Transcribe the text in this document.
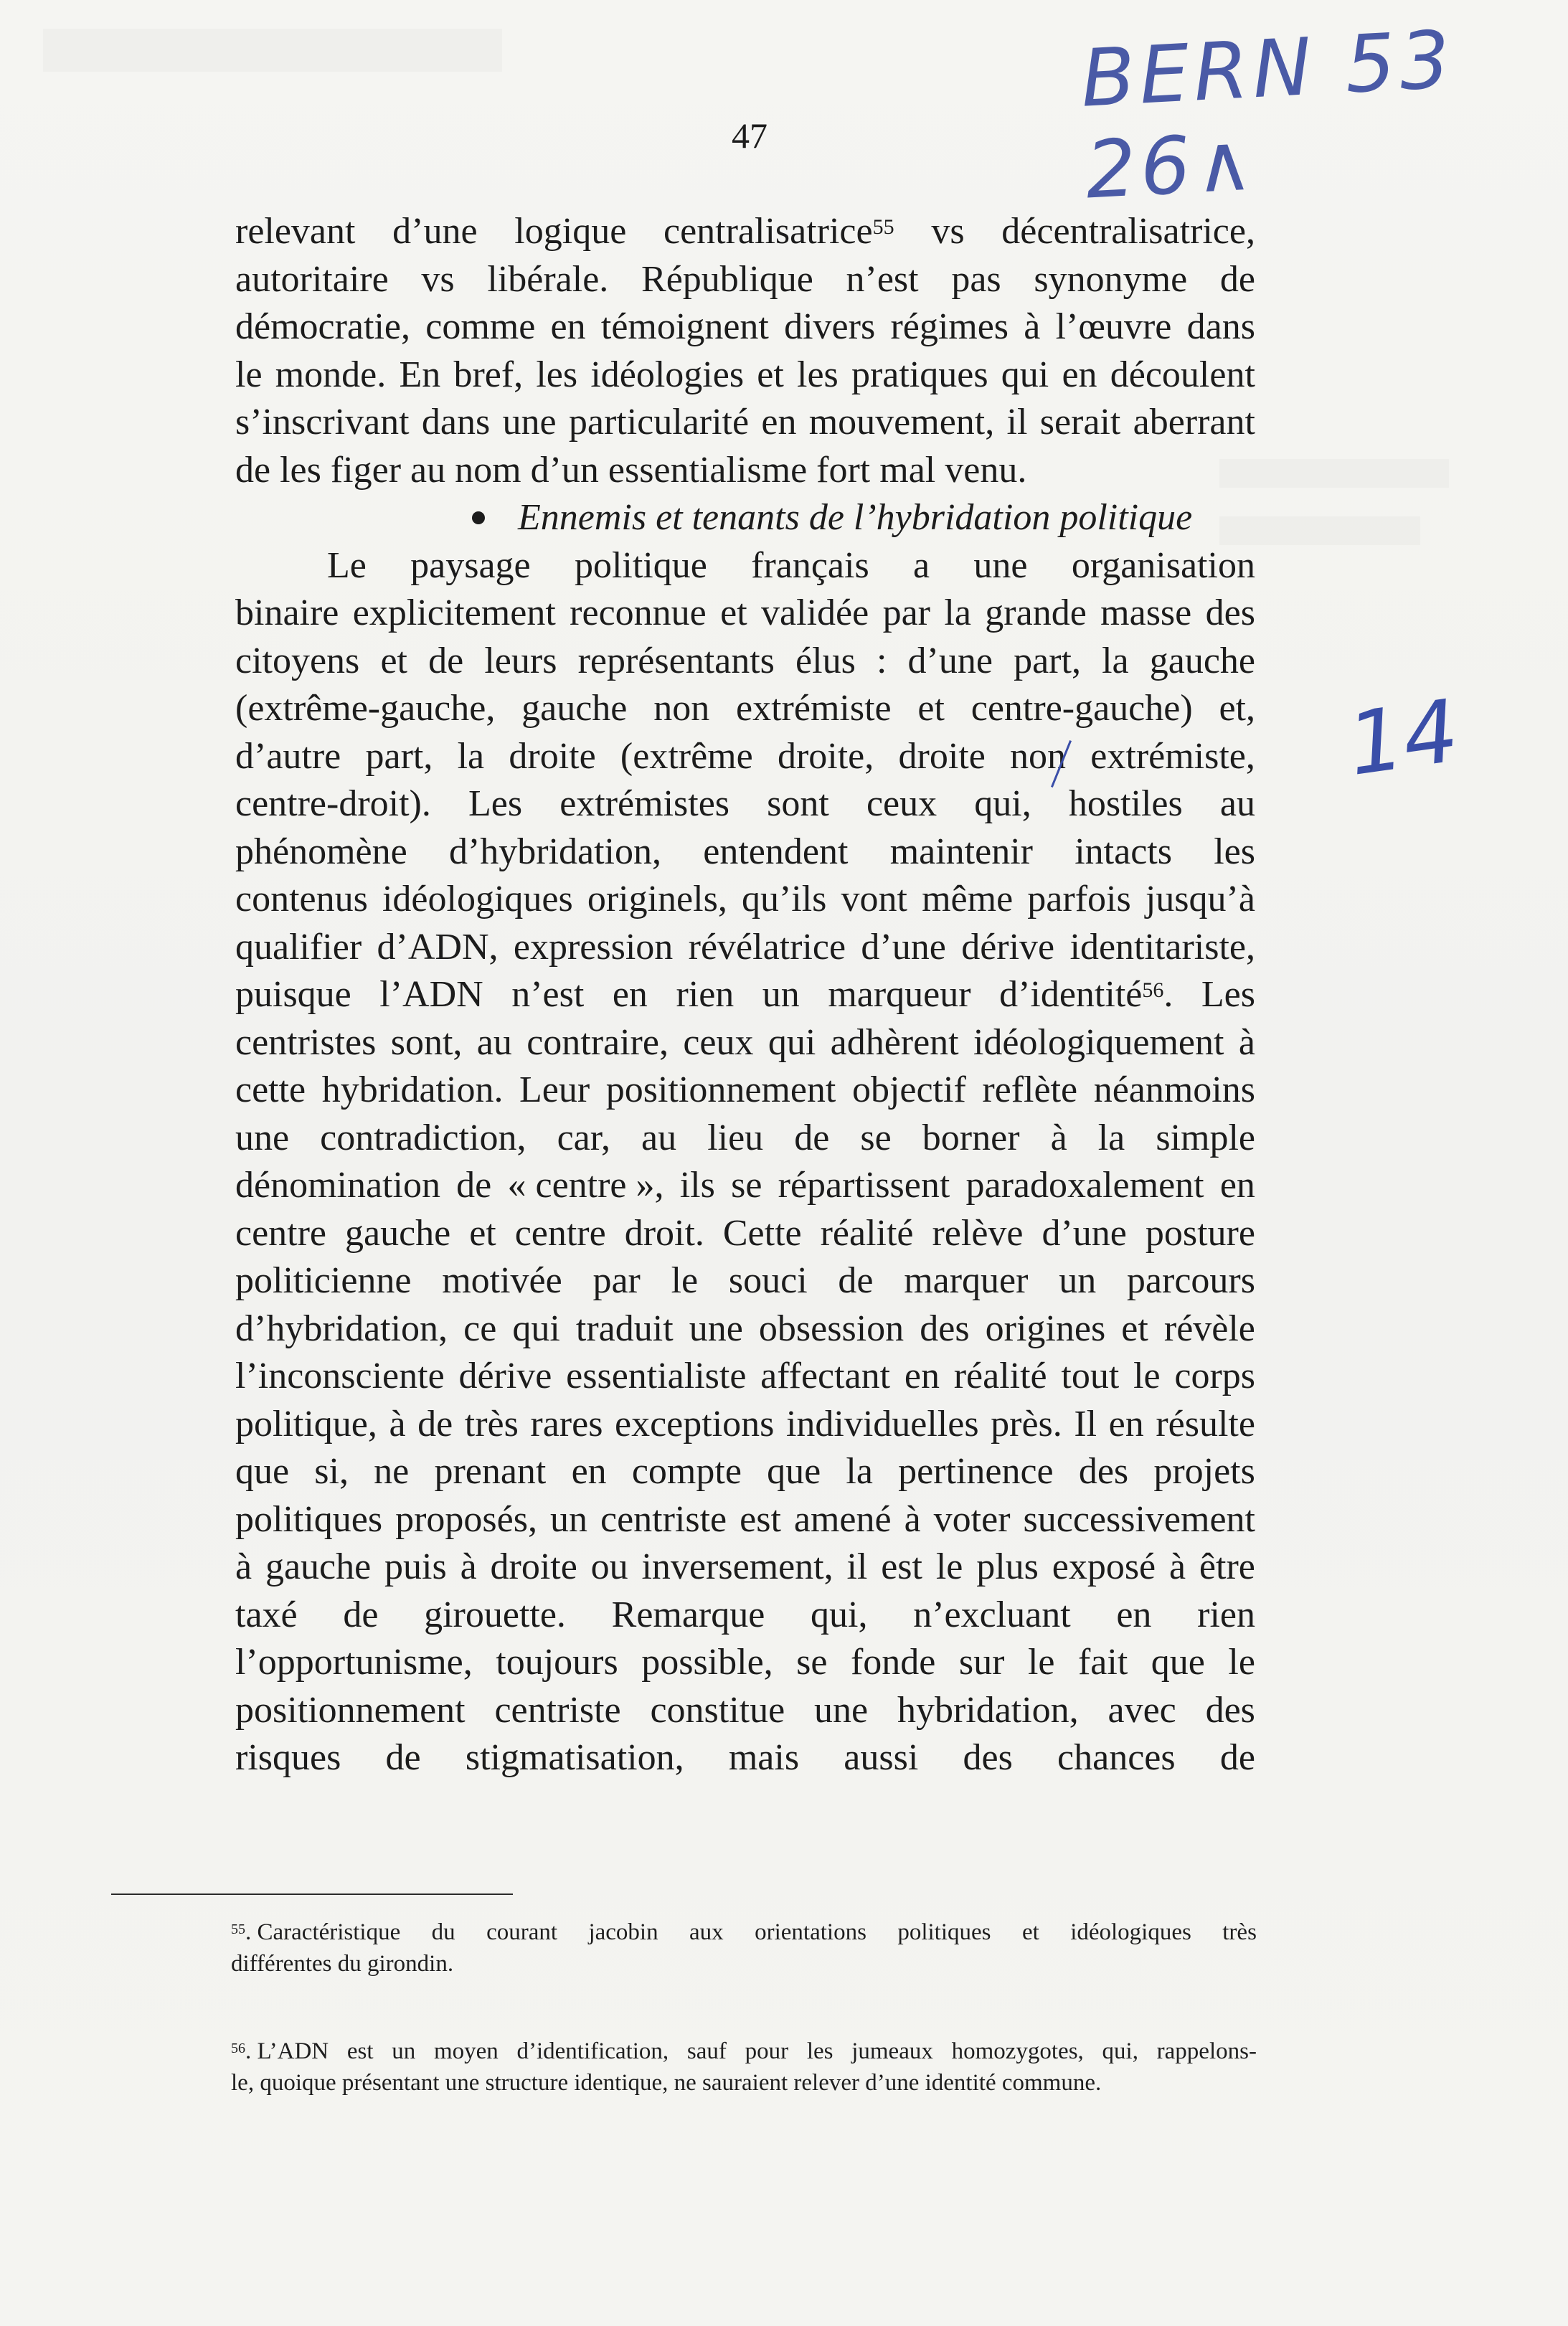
BERN 53 26∧
14
47
relevant d’une logique centralisatrice$^{55}$ vs décentralisatrice,
autoritaire vs libérale. République n’est pas synonyme de
démocratie, comme en témoignent divers régimes à l’œuvre dans
le monde. En bref, les idéologies et les pratiques qui en découlent
s’inscrivant dans une particularité en mouvement, il serait aberrant
de les figer au nom d’un essentialisme fort mal venu.
Ennemis et tenants de l’hybridation politique
Le paysage politique français a une organisation
binaire explicitement reconnue et validée par la grande masse des
citoyens et de leurs représentants élus : d’une part, la gauche
(extrême-gauche, gauche non extrémiste et centre-gauche) et,
d’autre part, la droite (extrême droite, droite non extrémiste,
centre-droit). Les extrémistes sont ceux qui, hostiles au
phénomène d’hybridation, entendent maintenir intacts les
contenus idéologiques originels, qu’ils vont même parfois jusqu’à
qualifier d’ADN, expression révélatrice d’une dérive identitariste,
puisque l’ADN n’est en rien un marqueur d’identité$^{56}$. Les
centristes sont, au contraire, ceux qui adhèrent idéologiquement à
cette hybridation. Leur positionnement objectif reflète néanmoins
une contradiction, car, au lieu de se borner à la simple
dénomination de « centre », ils se répartissent paradoxalement en
centre gauche et centre droit. Cette réalité relève d’une posture
politicienne motivée par le souci de marquer un parcours
d’hybridation, ce qui traduit une obsession des origines et révèle
l’inconsciente dérive essentialiste affectant en réalité tout le corps
politique, à de très rares exceptions individuelles près. Il en résulte
que si, ne prenant en compte que la pertinence des projets
politiques proposés, un centriste est amené à voter successivement
à gauche puis à droite ou inversement, il est le plus exposé à être
taxé de girouette. Remarque qui, n’excluant en rien
l’opportunisme, toujours possible, se fonde sur le fait que le
positionnement centriste constitue une hybridation, avec des
risques de stigmatisation, mais aussi des chances de
$^{55}$. Caractéristique du courant jacobin aux orientations politiques et idéologiques très
différentes du girondin.
$^{56}$. L’ADN est un moyen d’identification, sauf pour les jumeaux homozygotes, qui, rappelons-
le, quoique présentant une structure identique, ne sauraient relever d’une identité commune.
